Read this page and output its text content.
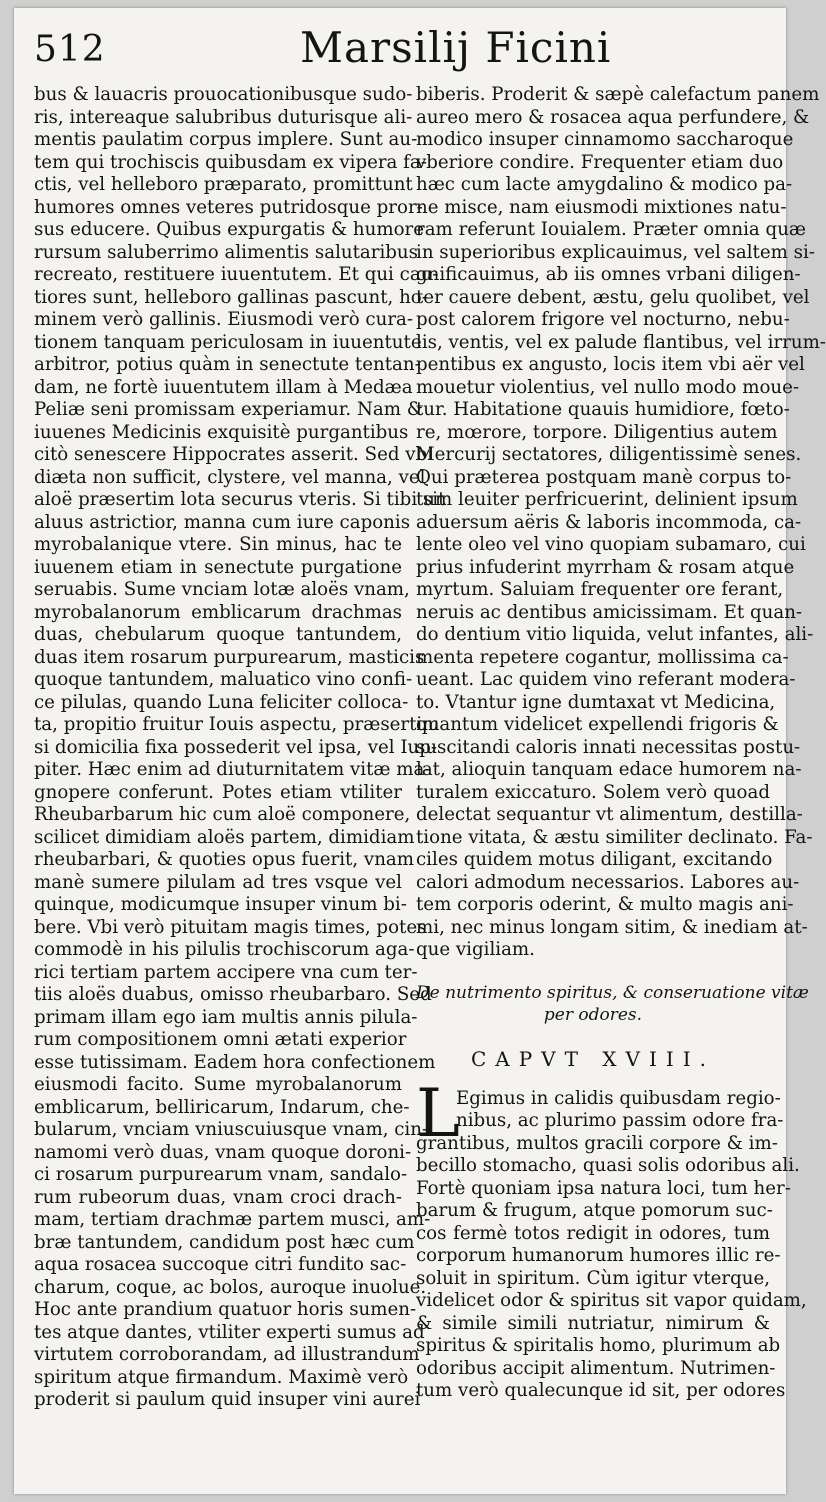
512	Marsilij Ficini
bus & lauacris prouocationibusque sudo-
ris, intereaque salubribus duturisque ali-
mentis paulatim corpus implere. Sunt au-
tem qui trochiscis quibusdam ex vipera fa-
ctis, vel helleboro præparato, promittunt
humores omnes veteres putridosque pror-
sus educere. Quibus expurgatis & humore
rursum saluberrimo alimentis salutaribus
recreato, restituere iuuentutem. Et qui cau-
tiores sunt, helleboro gallinas pascunt, ho-
minem verò gallinis. Eiusmodi verò cura-
tionem tanquam periculosam in iuuentute
arbitror, potius quàm in senectute tentan-
dam, ne fortè iuuentutem illam à Medæa
Peliæ seni promissam experiamur. Nam &
iuuenes Medicinis exquisitè purgantibus
citò senescere Hippocrates asserit. Sed vbi
diæta non sufficit, clystere, vel manna, vel
aloë præsertim lota securus vteris. Si tibi sit
aluus astrictior, manna cum iure caponis
myrobalanique vtere. Sin minus, hac te
iuuenem etiam in senectute purgatione
seruabis. Sume vnciam lotæ aloës vnam,
myrobalanorum emblicarum drachmas
duas, chebularum quoque tantundem,
duas item rosarum purpurearum, masticis
quoque tantundem, maluatico vino confi-
ce pilulas, quando Luna feliciter colloca-
ta, propitio fruitur Iouis aspectu, præsertim
si domicilia fixa possederit vel ipsa, vel Iup-
piter. Hæc enim ad diuturnitatem vitæ ma-
gnopere conferunt. Potes etiam vtiliter
Rheubarbarum hic cum aloë componere,
scilicet dimidiam aloës partem, dimidiam
rheubarbari, & quoties opus fuerit, vnam
manè sumere pilulam ad tres vsque vel
quinque, modicumque insuper vinum bi-
bere. Vbi verò pituitam magis times, potes
commodè in his pilulis trochiscorum aga-
rici tertiam partem accipere vna cum ter-
tiis aloës duabus, omisso rheubarbaro. Sed
primam illam ego iam multis annis pilula-
rum compositionem omni ætati experior
esse tutissimam. Eadem hora confectionem
eiusmodi facito. Sume myrobalanorum
emblicarum, belliricarum, Indarum, che-
bularum, vnciam vniuscuiusque vnam, cin-
namomi verò duas, vnam quoque doroni-
ci rosarum purpurearum vnam, sandalo-
rum rubeorum duas, vnam croci drach-
mam, tertiam drachmæ partem musci, am-
bræ tantundem, candidum post hæc cum
aqua rosacea succoque citri fundito sac-
charum, coque, ac bolos, auroque inuolue.
Hoc ante prandium quatuor horis sumen-
tes atque dantes, vtiliter experti sumus ad
virtutem corroborandam, ad illustrandum
spiritum atque firmandum. Maximè verò
proderit si paulum quid insuper vini aurei
biberis. Proderit & sæpè calefactum panem
aureo mero & rosacea aqua perfundere, &
modico insuper cinnamomo saccharoque
vberiore condire. Frequenter etiam duo
hæc cum lacte amygdalino & modico pa-
ne misce, nam eiusmodi mixtiones natu-
ram referunt Iouialem. Præter omnia quæ
in superioribus explicauimus, vel saltem si-
gnificauimus, ab iis omnes vrbani diligen-
ter cauere debent, æstu, gelu quolibet, vel
post calorem frigore vel nocturno, nebu-
lis, ventis, vel ex palude flantibus, vel irrum-
pentibus ex angusto, locis item vbi aër vel
mouetur violentius, vel nullo modo moue-
tur. Habitatione quauis humidiore, fœto-
re, mœrore, torpore. Diligentius autem
Mercurij sectatores, diligentissimè senes.
Qui præterea postquam manè corpus to-
tum leuiter perfricuerint, delinient ipsum
aduersum aëris & laboris incommoda, ca-
lente oleo vel vino quopiam subamaro, cui
prius infuderint myrrham & rosam atque
myrtum. Saluiam frequenter ore ferant,
neruis ac dentibus amicissimam. Et quan-
do dentium vitio liquida, velut infantes, ali-
menta repetere cogantur, mollissima ca-
ueant. Lac quidem vino referant modera-
to. Vtantur igne dumtaxat vt Medicina,
quantum videlicet expellendi frigoris &
suscitandi caloris innati necessitas postu-
lat, alioquin tanquam edace humorem na-
turalem exiccaturo. Solem verò quoad
delectat sequantur vt alimentum, destilla-
tione vitata, & æstu similiter declinato. Fa-
ciles quidem motus diligant, excitando
calori admodum necessarios. Labores au-
tem corporis oderint, & multo magis ani-
mi, nec minus longam sitim, & inediam at-
que vigiliam.
De nutrimento spiritus, & conseruatione vitæ
per odores.
CAPVT XVIII.
L
Egimus in calidis quibusdam regio-
nibus, ac plurimo passim odore fra-
grantibus, multos gracili corpore & im-
becillo stomacho, quasi solis odoribus ali.
Fortè quoniam ipsa natura loci, tum her-
barum & frugum, atque pomorum suc-
cos fermè totos redigit in odores, tum
corporum humanorum humores illic re-
soluit in spiritum. Cùm igitur vterque,
videlicet odor & spiritus sit vapor quidam,
& simile simili nutriatur, nimirum &
spiritus & spiritalis homo, plurimum ab
odoribus accipit alimentum. Nutrimen-
tum verò qualecunque id sit, per odores
